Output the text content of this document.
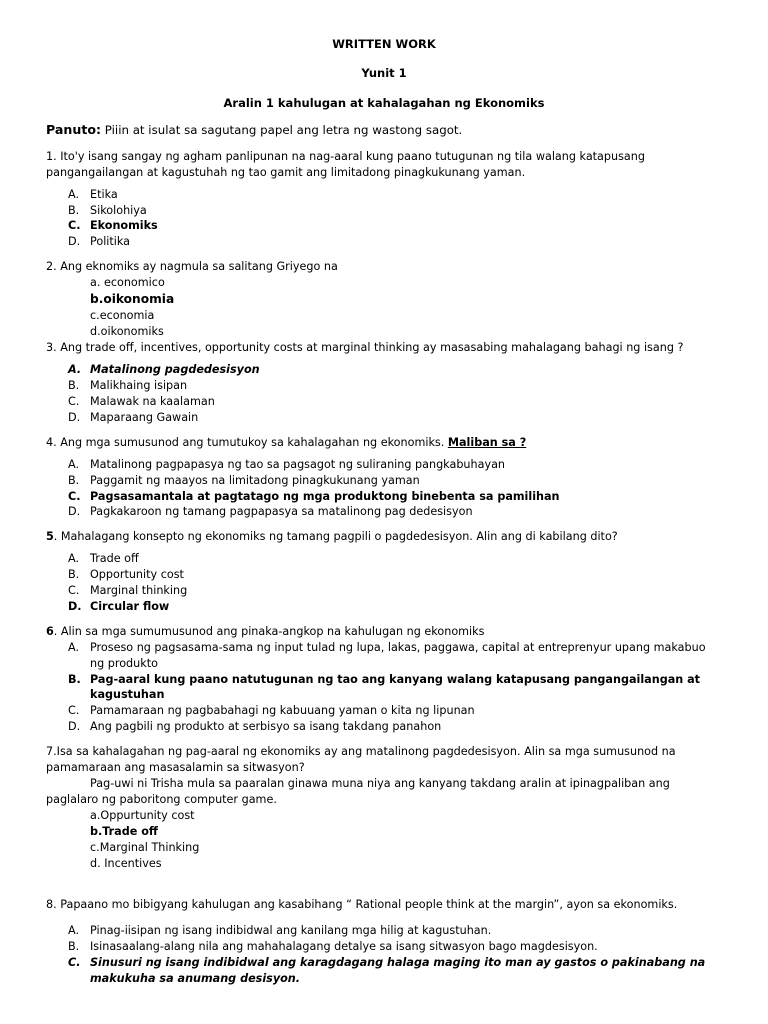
WRITTEN WORK

Yunit 1

Aralin 1 kahulugan at kahalagahan ng Ekonomiks

Panuto: Piiin at isulat sa sagutang papel ang letra ng wastong sagot.

1. Ito'y isang sangay ng agham panlipunan na nag-aaral kung paano tutugunan ng tila walang katapusang pangangailangan at kagustuhah ng tao gamit ang limitadong pinagkukunang yaman.

A. Etika
B. Sikolohiya
C. Ekonomiks
D. Politika

2. Ang eknomiks ay nagmula sa salitang Griyego na

a. economico

b.oikonomia

c.economia

d.oikonomiks

3. Ang trade off, incentives, opportunity costs at marginal thinking ay masasabing mahalagang bahagi ng isang ?

A. Matalinong pagdedesisyon
B. Malikhaing isipan
C. Malawak na kaalaman
D. Maparaang Gawain

4. Ang mga sumusunod ang tumutukoy sa kahalagahan ng ekonomiks. Maliban sa ?

A. Matalinong pagpapasya ng tao sa pagsagot ng suliraning pangkabuhayan
B. Paggamit ng maayos na limitadong pinagkukunang yaman
C. Pagsasamantala at pagtatago ng mga produktong binebenta sa pamilihan
D. Pagkakaroon ng tamang pagpapasya sa matalinong pag dedesisyon

5. Mahalagang konsepto ng ekonomiks ng tamang pagpili o pagdedesisyon. Alin ang di kabilang dito?

A. Trade off
B. Opportunity cost
C. Marginal thinking
D. Circular flow

6. Alin sa mga sumumusunod ang pinaka-angkop na kahulugan ng ekonomiks

A. Proseso ng pagsasama-sama ng input tulad ng lupa, lakas, paggawa, capital at entreprenyur upang makabuo ng produkto
B. Pag-aaral kung paano natutugunan ng tao ang kanyang walang katapusang pangangailangan at kagustuhan
C. Pamamaraan ng pagbabahagi ng kabuuang yaman o kita ng lipunan
D. Ang pagbili ng produkto at serbisyo sa isang takdang panahon

7.Isa sa kahalagahan ng pag-aaral ng ekonomiks ay ang matalinong pagdedesisyon. Alin sa mga sumusunod na pamamaraan ang masasalamin sa sitwasyon?

Pag-uwi ni Trisha mula sa paaralan ginawa muna niya ang kanyang takdang aralin at ipinagpaliban ang paglalaro ng paboritong computer game.

a.Oppurtunity cost

b.Trade off

c.Marginal Thinking

d. Incentives

8. Papaano mo bibigyang kahulugan ang kasabihang “ Rational people think at the margin”, ayon sa ekonomiks.

A. Pinag-iisipan ng isang indibidwal ang kanilang mga hilig at kagustuhan.
B. Isinasaalang-alang nila ang mahahalagang detalye sa isang sitwasyon bago magdesisyon.
C. Sinusuri ng isang indibidwal ang karagdagang halaga maging ito man ay gastos o pakinabang na makukuha sa anumang desisyon.
